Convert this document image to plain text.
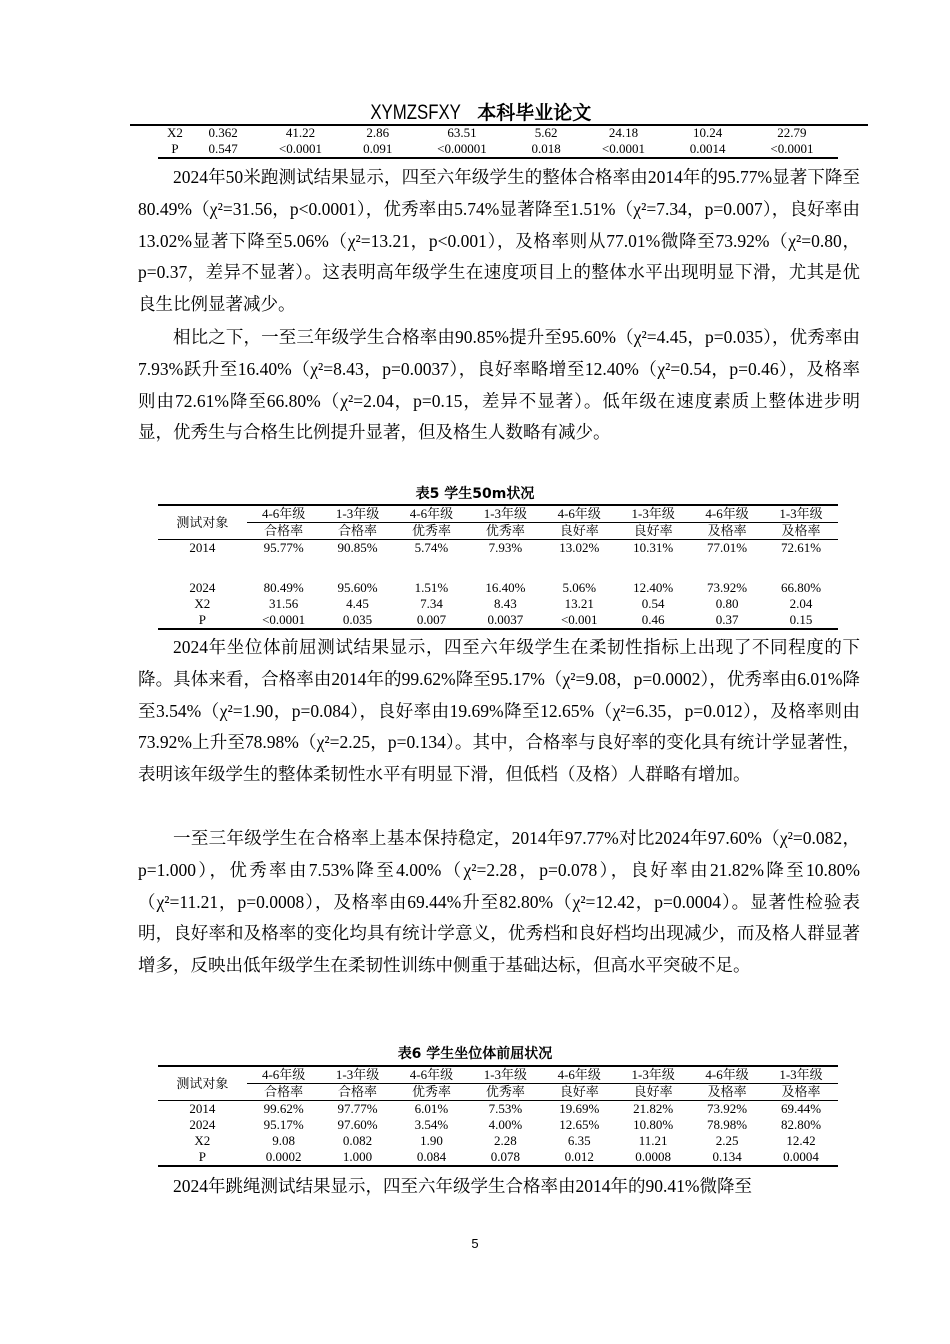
XYMZSFXY 本科毕业论文
X2	0.362	41.22	2.86	63.51	5.62	24.18	10.24	22.79
P	0.547	<0.0001	0.091	<0.00001	0.018	<0.0001	0.0014	<0.0001

2024年50米跑测试结果显示，四至六年级学生的整体合格率由2014年的95.77%显著下降至80.49%（χ²=31.56，p<0.0001），优秀率由5.74%显著降至1.51%（χ²=7.34，p=0.007），良好率由13.02%显著下降至5.06%（χ²=13.21，p<0.001），及格率则从77.01%微降至73.92%（χ²=0.80，p=0.37，差异不显著）。这表明高年级学生在速度项目上的整体水平出现明显下滑，尤其是优良生比例显著减少。

相比之下，一至三年级学生合格率由90.85%提升至95.60%（χ²=4.45，p=0.035），优秀率由7.93%跃升至16.40%（χ²=8.43，p=0.0037），良好率略增至12.40%（χ²=0.54，p=0.46），及格率则由72.61%降至66.80%（χ²=2.04，p=0.15，差异不显著）。低年级在速度素质上整体进步明显，优秀生与合格生比例提升显著，但及格生人数略有减少。

表5 学生50m状况
测试对象	4-6年级	1-3年级	4-6年级	1-3年级	4-6年级	1-3年级	4-6年级	1-3年级
	合格率	合格率	优秀率	优秀率	良好率	良好率	及格率	及格率
2014	95.77%	90.85%	5.74%	7.93%	13.02%	10.31%	77.01%	72.61%
2024	80.49%	95.60%	1.51%	16.40%	5.06%	12.40%	73.92%	66.80%
X2	31.56	4.45	7.34	8.43	13.21	0.54	0.80	2.04
P	<0.0001	0.035	0.007	0.0037	<0.001	0.46	0.37	0.15

2024年坐位体前屈测试结果显示，四至六年级学生在柔韧性指标上出现了不同程度的下降。具体来看，合格率由2014年的99.62%降至95.17%（χ²=9.08，p=0.0002），优秀率由6.01%降至3.54%（χ²=1.90，p=0.084），良好率由19.69%降至12.65%（χ²=6.35，p=0.012），及格率则由73.92%上升至78.98%（χ²=2.25，p=0.134）。其中，合格率与良好率的变化具有统计学显著性，表明该年级学生的整体柔韧性水平有明显下滑，但低档（及格）人群略有增加。

一至三年级学生在合格率上基本保持稳定，2014年97.77%对比2024年97.60%（χ²=0.082，p=1.000），优秀率由7.53%降至4.00%（χ²=2.28，p=0.078），良好率由21.82%降至10.80%（χ²=11.21，p=0.0008），及格率由69.44%升至82.80%（χ²=12.42，p=0.0004）。显著性检验表明，良好率和及格率的变化均具有统计学意义，优秀档和良好档均出现减少，而及格人群显著增多，反映出低年级学生在柔韧性训练中侧重于基础达标，但高水平突破不足。

表6 学生坐位体前屈状况
测试对象	4-6年级	1-3年级	4-6年级	1-3年级	4-6年级	1-3年级	4-6年级	1-3年级
	合格率	合格率	优秀率	优秀率	良好率	良好率	及格率	及格率
2014	99.62%	97.77%	6.01%	7.53%	19.69%	21.82%	73.92%	69.44%
2024	95.17%	97.60%	3.54%	4.00%	12.65%	10.80%	78.98%	82.80%
X2	9.08	0.082	1.90	2.28	6.35	11.21	2.25	12.42
P	0.0002	1.000	0.084	0.078	0.012	0.0008	0.134	0.0004

2024年跳绳测试结果显示，四至六年级学生合格率由2014年的90.41%微降至

5
